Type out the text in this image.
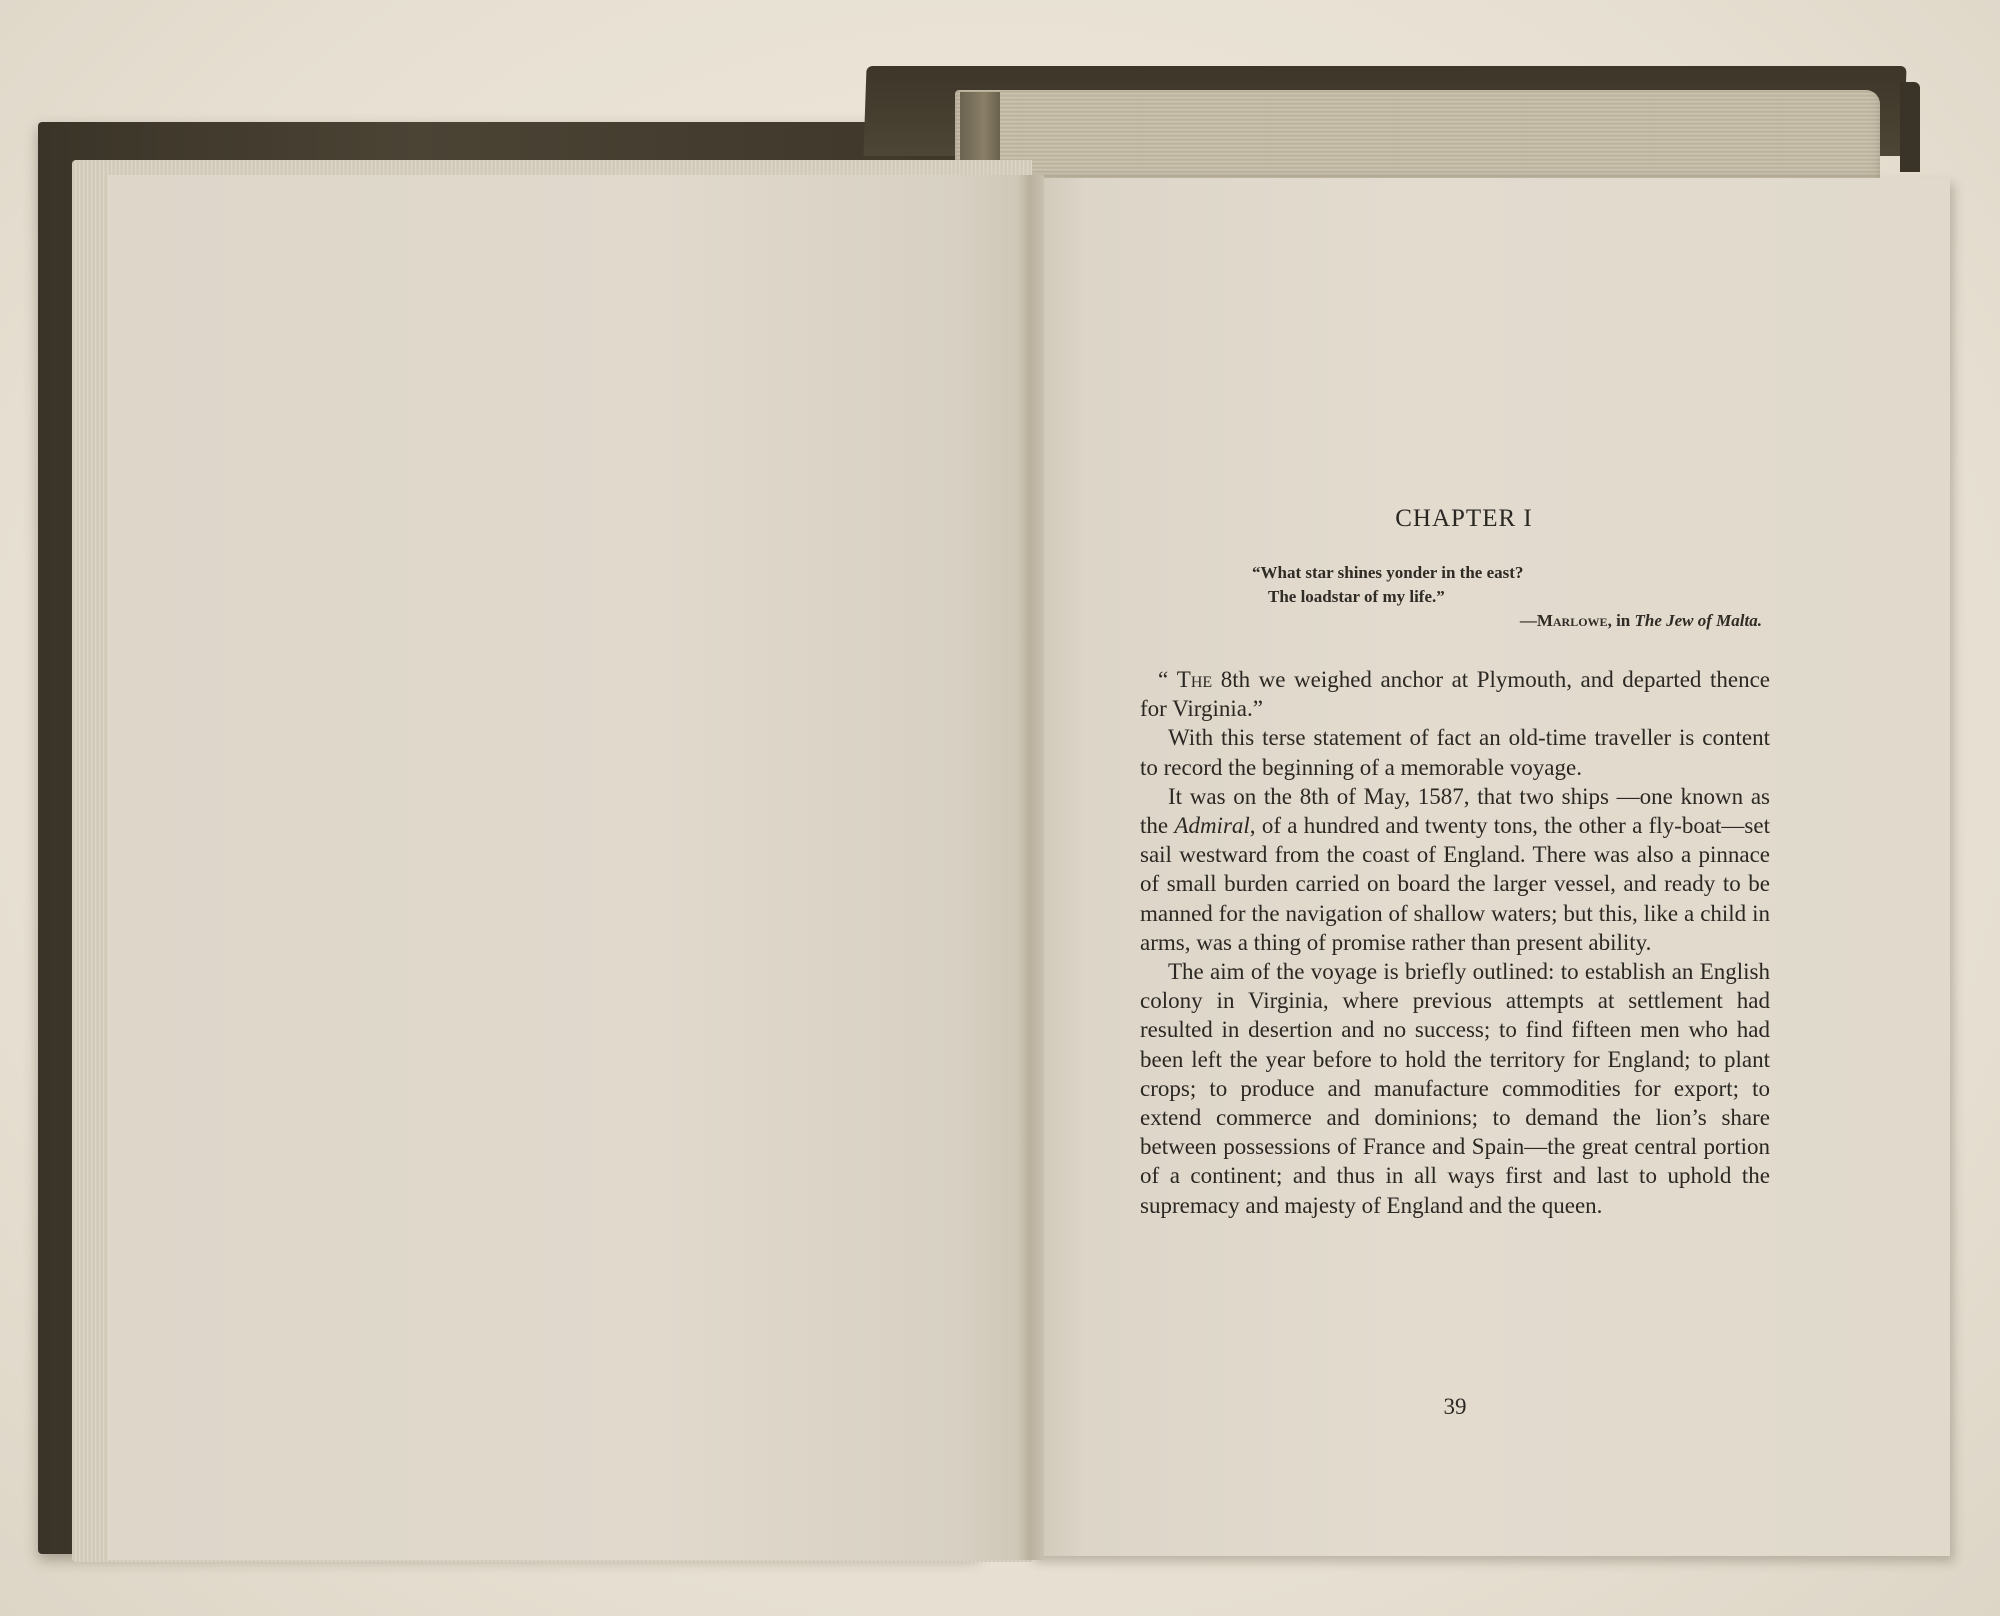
CHAPTER I
“What star shines yonder in the east?
The loadstar of my life.”
—Marlowe, in The Jew of Malta.

“ The 8th we weighed anchor at Plymouth, and departed thence for Virginia.”

With this terse statement of fact an old-time traveller is content to record the beginning of a memorable voyage.

It was on the 8th of May, 1587, that two ships —one known as the Admiral, of a hundred and twenty tons, the other a fly-boat—set sail westward from the coast of England. There was also a pinnace of small burden carried on board the larger vessel, and ready to be manned for the navigation of shallow waters; but this, like a child in arms, was a thing of promise rather than present ability.

The aim of the voyage is briefly outlined: to establish an English colony in Virginia, where previous attempts at settlement had resulted in desertion and no success; to find fifteen men who had been left the year before to hold the territory for England; to plant crops; to produce and manufacture commodities for export; to extend commerce and dominions; to demand the lion’s share between possessions of France and Spain—the great central portion of a continent; and thus in all ways first and last to uphold the supremacy and majesty of England and the queen.

39
